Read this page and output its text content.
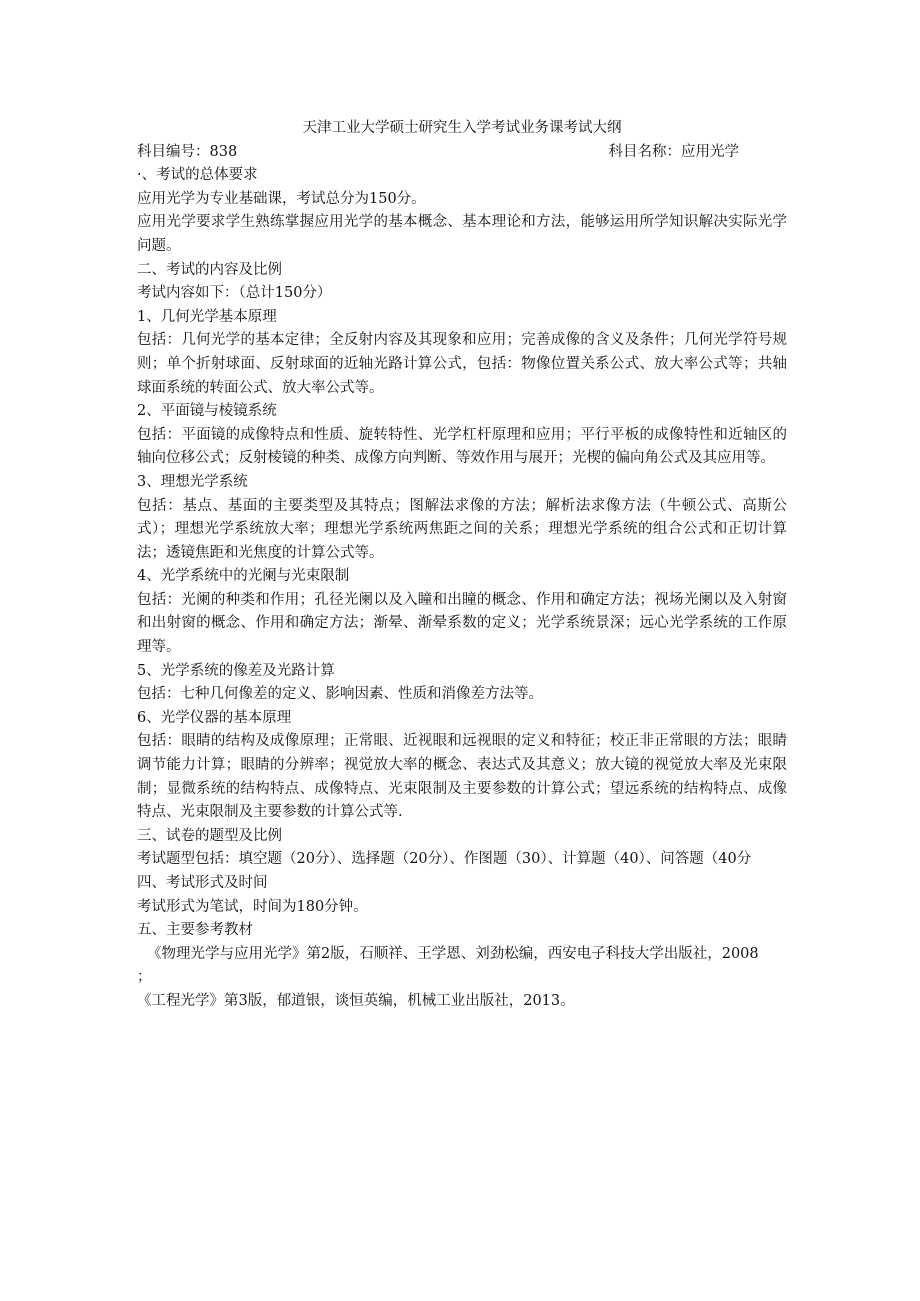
天津工业大学硕士研究生入学考试业务课考试大纲
科目编号：838	科目名称：应用光学

·、考试的总体要求

应用光学为专业基础课，考试总分为150分。

应用光学要求学生熟练掌握应用光学的基本概念、基本理论和方法，能够运用所学知识解决实际光学问题。

二、考试的内容及比例

考试内容如下：（总计150分）

1、几何光学基本原理

包括：几何光学的基本定律；全反射内容及其现象和应用；完善成像的含义及条件；几何光学符号规则；单个折射球面、反射球面的近轴光路计算公式，包括：物像位置关系公式、放大率公式等；共轴球面系统的转面公式、放大率公式等。

2、平面镜与棱镜系统

包括：平面镜的成像特点和性质、旋转特性、光学杠杆原理和应用；平行平板的成像特性和近轴区的轴向位移公式；反射棱镜的种类、成像方向判断、等效作用与展开；光楔的偏向角公式及其应用等。

3、理想光学系统

包括：基点、基面的主要类型及其特点；图解法求像的方法；解析法求像方法（牛顿公式、高斯公式）；理想光学系统放大率；理想光学系统两焦距之间的关系；理想光学系统的组合公式和正切计算法；透镜焦距和光焦度的计算公式等。

4、光学系统中的光阑与光束限制

包括：光阑的种类和作用；孔径光阑以及入瞳和出瞳的概念、作用和确定方法；视场光阑以及入射窗和出射窗的概念、作用和确定方法；渐晕、渐晕系数的定义；光学系统景深；远心光学系统的工作原理等。

5、光学系统的像差及光路计算

包括：七种几何像差的定义、影响因素、性质和消像差方法等。

6、光学仪器的基本原理

包括：眼睛的结构及成像原理；正常眼、近视眼和远视眼的定义和特征；校正非正常眼的方法；眼睛调节能力计算；眼睛的分辨率；视觉放大率的概念、表达式及其意义；放大镜的视觉放大率及光束限制；显微系统的结构特点、成像特点、光束限制及主要参数的计算公式；望远系统的结构特点、成像特点、光束限制及主要参数的计算公式等.

三、试卷的题型及比例

考试题型包括：填空题（20分）、选择题（20分）、作图题（30）、计算题（40）、问答题（40分

四、考试形式及时间

考试形式为笔试，时间为180分钟。

五、主要参考教材

《物理光学与应用光学》第2版，石顺祥、王学恩、刘劲松编，西安电子科技大学出版社，2008

；

《工程光学》第3版，郁道银，谈恒英编，机械工业出版社，2013。
